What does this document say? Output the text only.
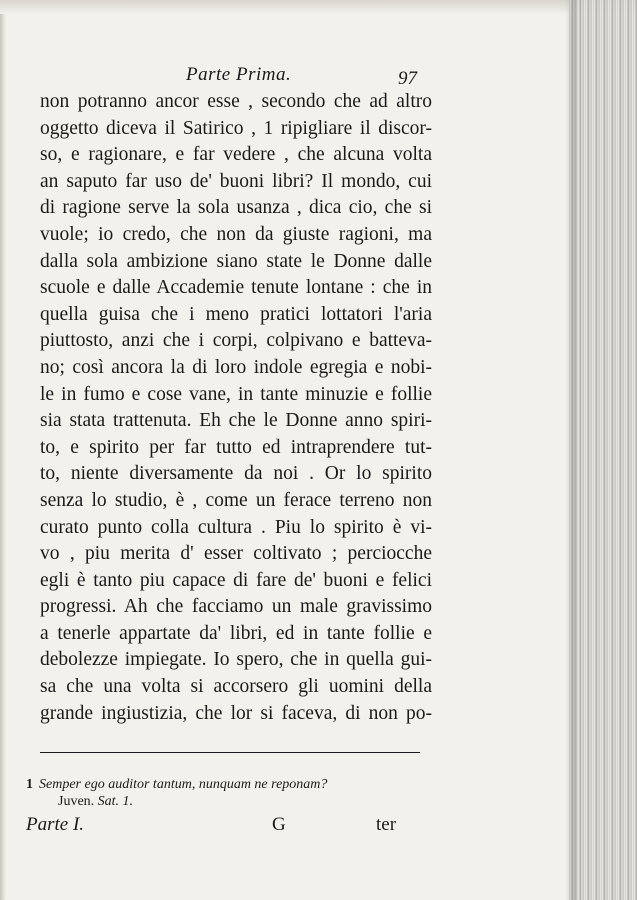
Parte Prima.	97
non potranno ancor esse , secondo che ad altro
oggetto diceva il Satirico , 1 ripigliare il discor-
so, e ragionare, e far vedere , che alcuna volta
an saputo far uso de' buoni libri? Il mondo, cui
di ragione serve la sola usanza , dica cio, che si
vuole; io credo, che non da giuste ragioni, ma
dalla sola ambizione siano state le Donne dalle
scuole e dalle Accademie tenute lontane : che in
quella guisa che i meno pratici lottatori l'aria
piuttosto, anzi che i corpi, colpivano e batteva-
no; così ancora la di loro indole egregia e nobi-
le in fumo e cose vane, in tante minuzie e follie
sia stata trattenuta. Eh che le Donne anno spiri-
to, e spirito per far tutto ed intraprendere tut-
to, niente diversamente da noi . Or lo spirito
senza lo studio, è , come un ferace terreno non
curato punto colla cultura . Piu lo spirito è vi-
vo , piu merita d' esser coltivato ; perciocche
egli è tanto piu capace di fare de' buoni e felici
progressi. Ah che facciamo un male gravissimo
a tenerle appartate da' libri, ed in tante follie e
debolezze impiegate. Io spero, che in quella gui-
sa che una volta si accorsero gli uomini della
grande ingiustizia, che lor si faceva, di non po-
1 Semper ego auditor tantum, nunquam ne reponam?
Juven. Sat. 1.
Parte I.	G	ter
